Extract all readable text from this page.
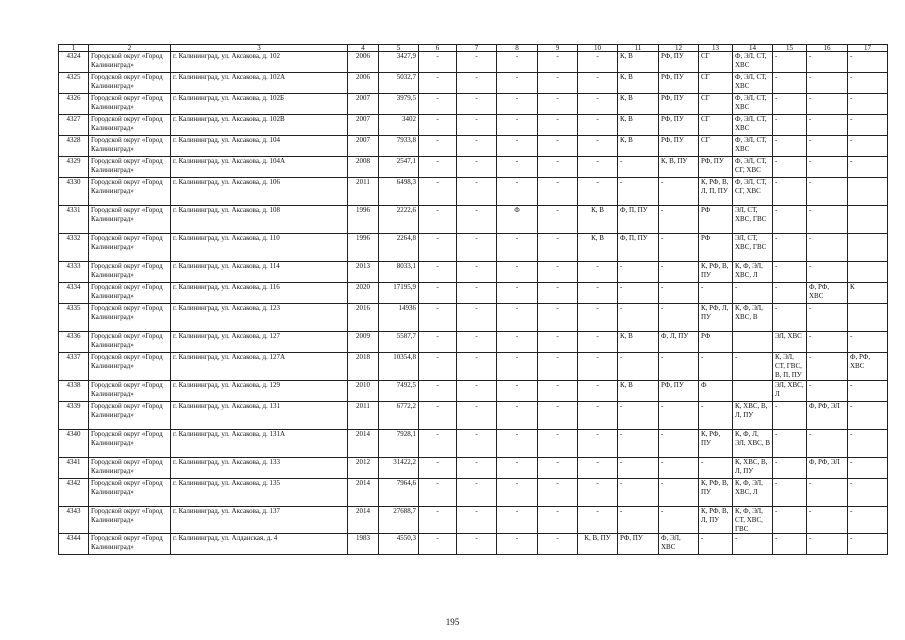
1	2	3	4	5	6	7	8	9	10	11	12	13	14	15	16	17
4324	Городской округ «Город Калининград»	г. Калининград, ул. Аксакова, д. 102	2006	3427,9	-	-	-	-	-	К, В	РФ, ПУ	СГ	Ф, ЭЛ, СТ, ХВС	-	-	-
4325	Городской округ «Город Калининград»	г. Калининград, ул. Аксакова, д. 102А	2006	5032,7	-	-	-	-	-	К, В	РФ, ПУ	СГ	Ф, ЭЛ, СТ, ХВС	-	-	-
4326	Городской округ «Город Калининград»	г. Калининград, ул. Аксакова, д. 102Б	2007	3979,5	-	-	-	-	-	К, В	РФ, ПУ	СГ	Ф, ЭЛ, СТ, ХВС	-	-	-
4327	Городской округ «Город Калининград»	г. Калининград, ул. Аксакова, д. 102В	2007	3402	-	-	-	-	-	К, В	РФ, ПУ	СГ	Ф, ЭЛ, СТ, ХВС	-	-	-
4328	Городской округ «Город Калининград»	г. Калининград, ул. Аксакова, д. 104	2007	7933,8	-	-	-	-	-	К, В	РФ, ПУ	СГ	Ф, ЭЛ, СТ, ХВС	-	-	-
4329	Городской округ «Город Калининград»	г. Калининград, ул. Аксакова, д. 104А	2008	2547,1	-	-	-	-	-	-	К, В, ПУ	РФ, ПУ	Ф, ЭЛ, СТ, СГ, ХВС	-	-	-
4330	Городской округ «Город Калининград»	г. Калининград, ул. Аксакова, д. 106	2011	6498,3	-	-	-	-	-	-	-	К, РФ, В, Л, П, ПУ	Ф, ЭЛ, СТ, СГ, ХВС	-	-	
4331	Городской округ «Город Калининград»	г. Калининград, ул. Аксакова, д. 108	1996	2222,6	-	-	Ф	-	К, В	Ф, П, ПУ	-	РФ	ЭЛ, СТ, ХВС, ГВС	-	-	
4332	Городской округ «Город Калининград»	г. Калининград, ул. Аксакова, д. 110	1996	2264,8	-	-	-	-	К, В	Ф, П, ПУ	-	РФ	ЭЛ, СТ, ХВС, ГВС	-	-	
4333	Городской округ «Город Калининград»	г. Калининград, ул. Аксакова, д. 114	2013	8033,1	-	-	-	-	-	-	-	К, РФ, В, ПУ	К, Ф, ЭЛ, ХВС, Л	-	-	
4334	Городской округ «Город Калининград»	г. Калининград, ул. Аксакова, д. 116	2020	17195,9	-	-	-	-	-	-	-	-	-	-	Ф, РФ, ХВС	К
4335	Городской округ «Город Калининград»	г. Калининград, ул. Аксакова, д. 123	2016	14936	-	-	-	-	-	-	-	К, РФ, Л, ПУ	К, Ф, ЭЛ, ХВС, В	-	-	
4336	Городской округ «Город Калининград»	г. Калининград, ул. Аксакова, д. 127	2009	5587,7	-	-	-	-	-	К, В	Ф, Л, ПУ	РФ		ЭЛ, ХВС	-	-
4337	Городской округ «Город Калининград»	г. Калининград, ул. Аксакова, д. 127А	2018	10354,8	-	-	-	-	-	-	-	-	-	К, ЭЛ, СТ, ГВС, В, П, ПУ	-	Ф, РФ, ХВС
4338	Городской округ «Город Калининград»	г. Калининград, ул. Аксакова, д. 129	2010	7492,5	-	-	-	-	-	К, В	РФ, ПУ	Ф		ЭЛ, ХВС, Л	-	-
4339	Городской округ «Город Калининград»	г. Калининград, ул. Аксакова, д. 131	2011	6772,2	-	-	-	-	-	-	-	-	К, ХВС, В, Л, ПУ	-	Ф, РФ, ЭЛ	-
4340	Городской округ «Город Калининград»	г. Калининград, ул. Аксакова, д. 131А	2014	7928,1	-	-	-	-	-	-	-	К, РФ, ПУ	К, Ф, Л, ЭЛ, ХВС, В	-	-	-
4341	Городской округ «Город Калининград»	г. Калининград, ул. Аксакова, д. 133	2012	31422,2	-	-	-	-	-	-	-	-	К, ХВС, В, Л, ПУ	-	Ф, РФ, ЭЛ	-
4342	Городской округ «Город Калининград»	г. Калининград, ул. Аксакова, д. 135	2014	7964,6	-	-	-	-	-	-	-	К, РФ, В, ПУ	К, Ф, ЭЛ, ХВС, Л	-	-	-
4343	Городской округ «Город Калининград»	г. Калининград, ул. Аксакова, д. 137	2014	27688,7	-	-	-	-	-	-	-	К, РФ, В, Л, ПУ	К, Ф, ЭЛ, СТ, ХВС, ГВС	-	-	-
4344	Городской округ «Город Калининград»	г. Калининград, ул. Алданская, д. 4	1983	4550,3	-	-	-	-	К, В, ПУ	РФ, ПУ	Ф, ЭЛ, ХВС	-	-	-	-	-
195
